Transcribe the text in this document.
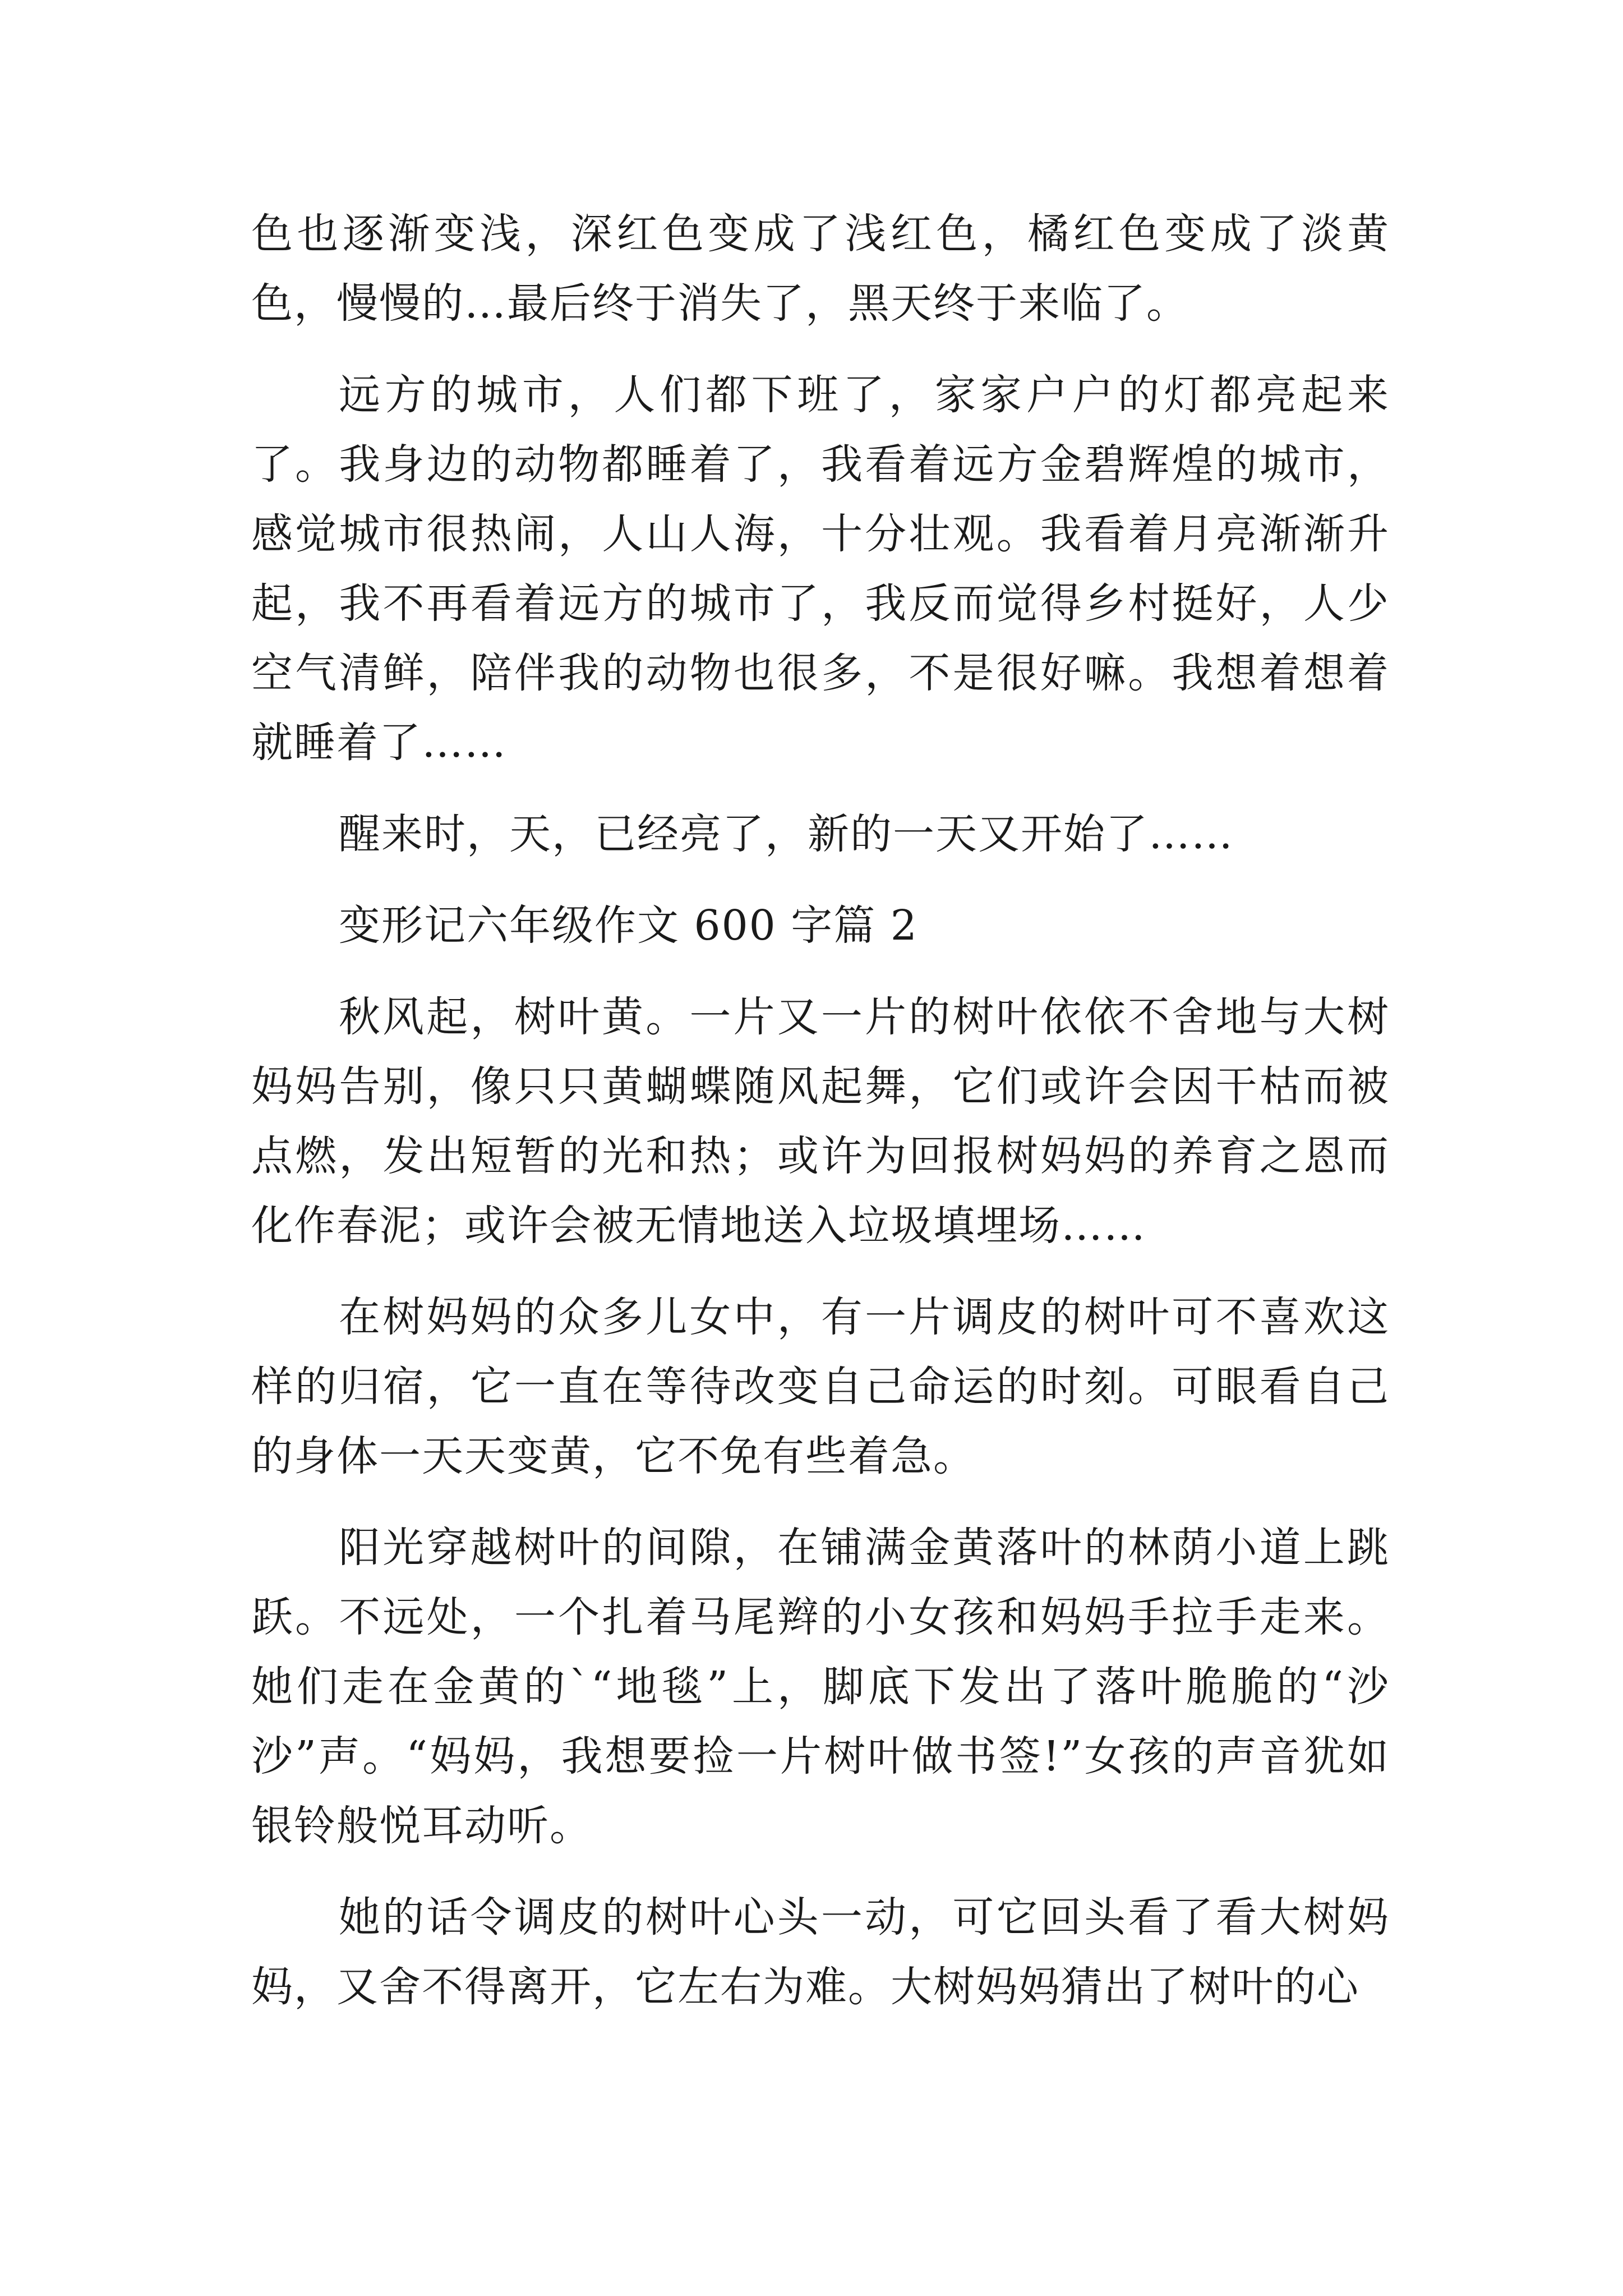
色也逐渐变浅，深红色变成了浅红色，橘红色变成了淡黄色，慢慢的…最后终于消失了，黑天终于来临了。

远方的城市，人们都下班了，家家户户的灯都亮起来了。我身边的动物都睡着了，我看着远方金碧辉煌的城市，感觉城市很热闹，人山人海，十分壮观。我看着月亮渐渐升起，我不再看着远方的城市了，我反而觉得乡村挺好，人少空气清鲜，陪伴我的动物也很多，不是很好嘛。我想着想着就睡着了……

醒来时，天，已经亮了，新的一天又开始了……

变形记六年级作文 600 字篇 2

秋风起，树叶黄。一片又一片的树叶依依不舍地与大树妈妈告别，像只只黄蝴蝶随风起舞，它们或许会因干枯而被点燃，发出短暂的光和热；或许为回报树妈妈的养育之恩而化作春泥；或许会被无情地送入垃圾填埋场……

在树妈妈的众多儿女中，有一片调皮的树叶可不喜欢这样的归宿，它一直在等待改变自己命运的时刻。可眼看自己的身体一天天变黄，它不免有些着急。

阳光穿越树叶的间隙，在铺满金黄落叶的林荫小道上跳跃。不远处，一个扎着马尾辫的小女孩和妈妈手拉手走来。她们走在金黄的`“地毯”上，脚底下发出了落叶脆脆的“沙沙”声。“妈妈，我想要捡一片树叶做书签!”女孩的声音犹如银铃般悦耳动听。

她的话令调皮的树叶心头一动，可它回头看了看大树妈妈，又舍不得离开，它左右为难。大树妈妈猜出了树叶的心
